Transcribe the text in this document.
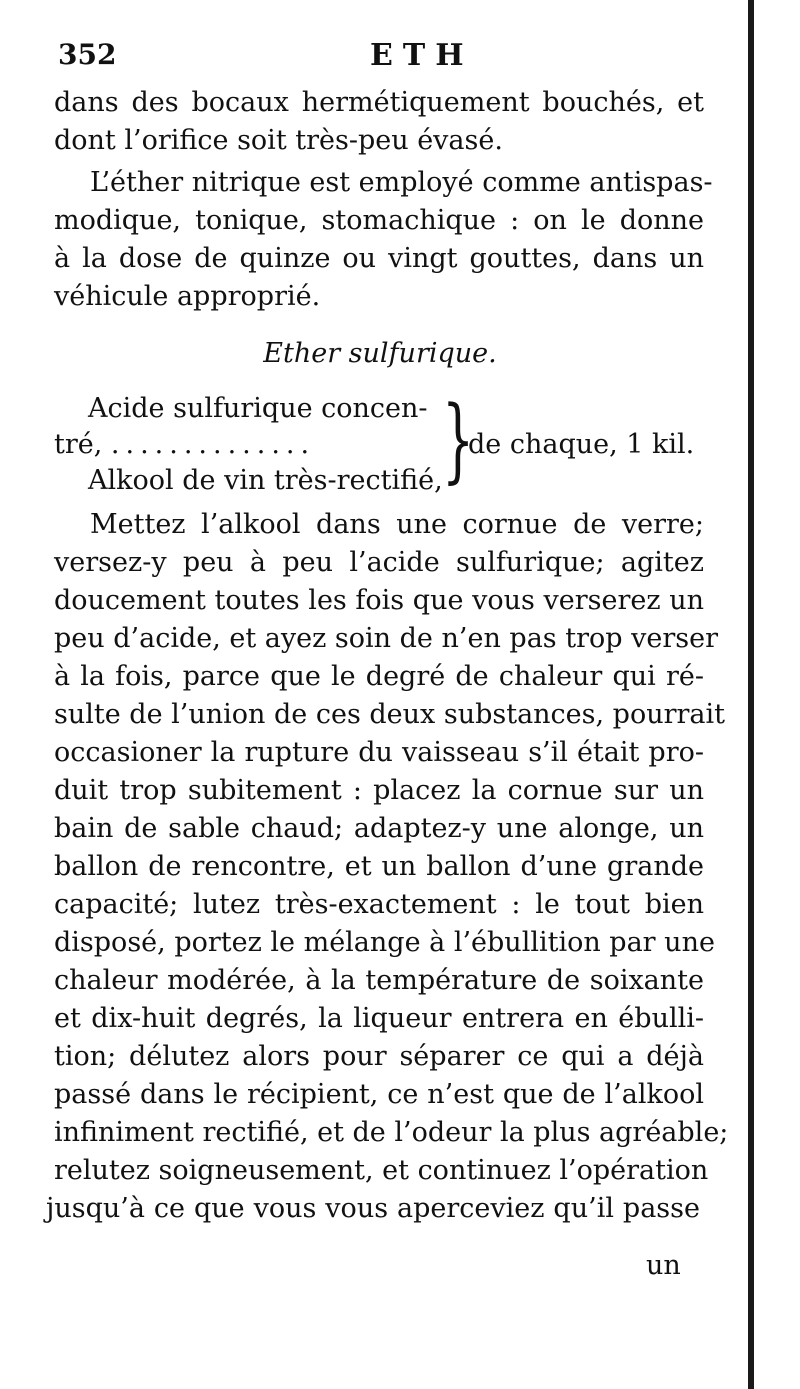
352	ETH
dans des bocaux hermétiquement bouchés, et
dont l’orifice soit très-peu évasé.
L’éther nitrique est employé comme antispas-
modique, tonique, stomachique : on le donne
à la dose de quinze ou vingt gouttes, dans un
véhicule approprié.
Ether sulfurique.
Acide sulfurique concen-
tré, ..............
Alkool de vin très-rectifié, }
de chaque, 1 kil.
Mettez l’alkool dans une cornue de verre;
versez-y peu à peu l’acide sulfurique; agitez
doucement toutes les fois que vous verserez un
peu d’acide, et ayez soin de n’en pas trop verser
à la fois, parce que le degré de chaleur qui ré-
sulte de l’union de ces deux substances, pourrait
occasioner la rupture du vaisseau s’il était pro-
duit trop subitement : placez la cornue sur un
bain de sable chaud; adaptez-y une alonge, un
ballon de rencontre, et un ballon d’une grande
capacité; lutez très-exactement : le tout bien
disposé, portez le mélange à l’ébullition par une
chaleur modérée, à la température de soixante
et dix-huit degrés, la liqueur entrera en ébulli-
tion; délutez alors pour séparer ce qui a déjà
passé dans le récipient, ce n’est que de l’alkool
infiniment rectifié, et de l’odeur la plus agréable;
relutez soigneusement, et continuez l’opération
jusqu’à ce que vous vous aperceviez qu’il passe
un
